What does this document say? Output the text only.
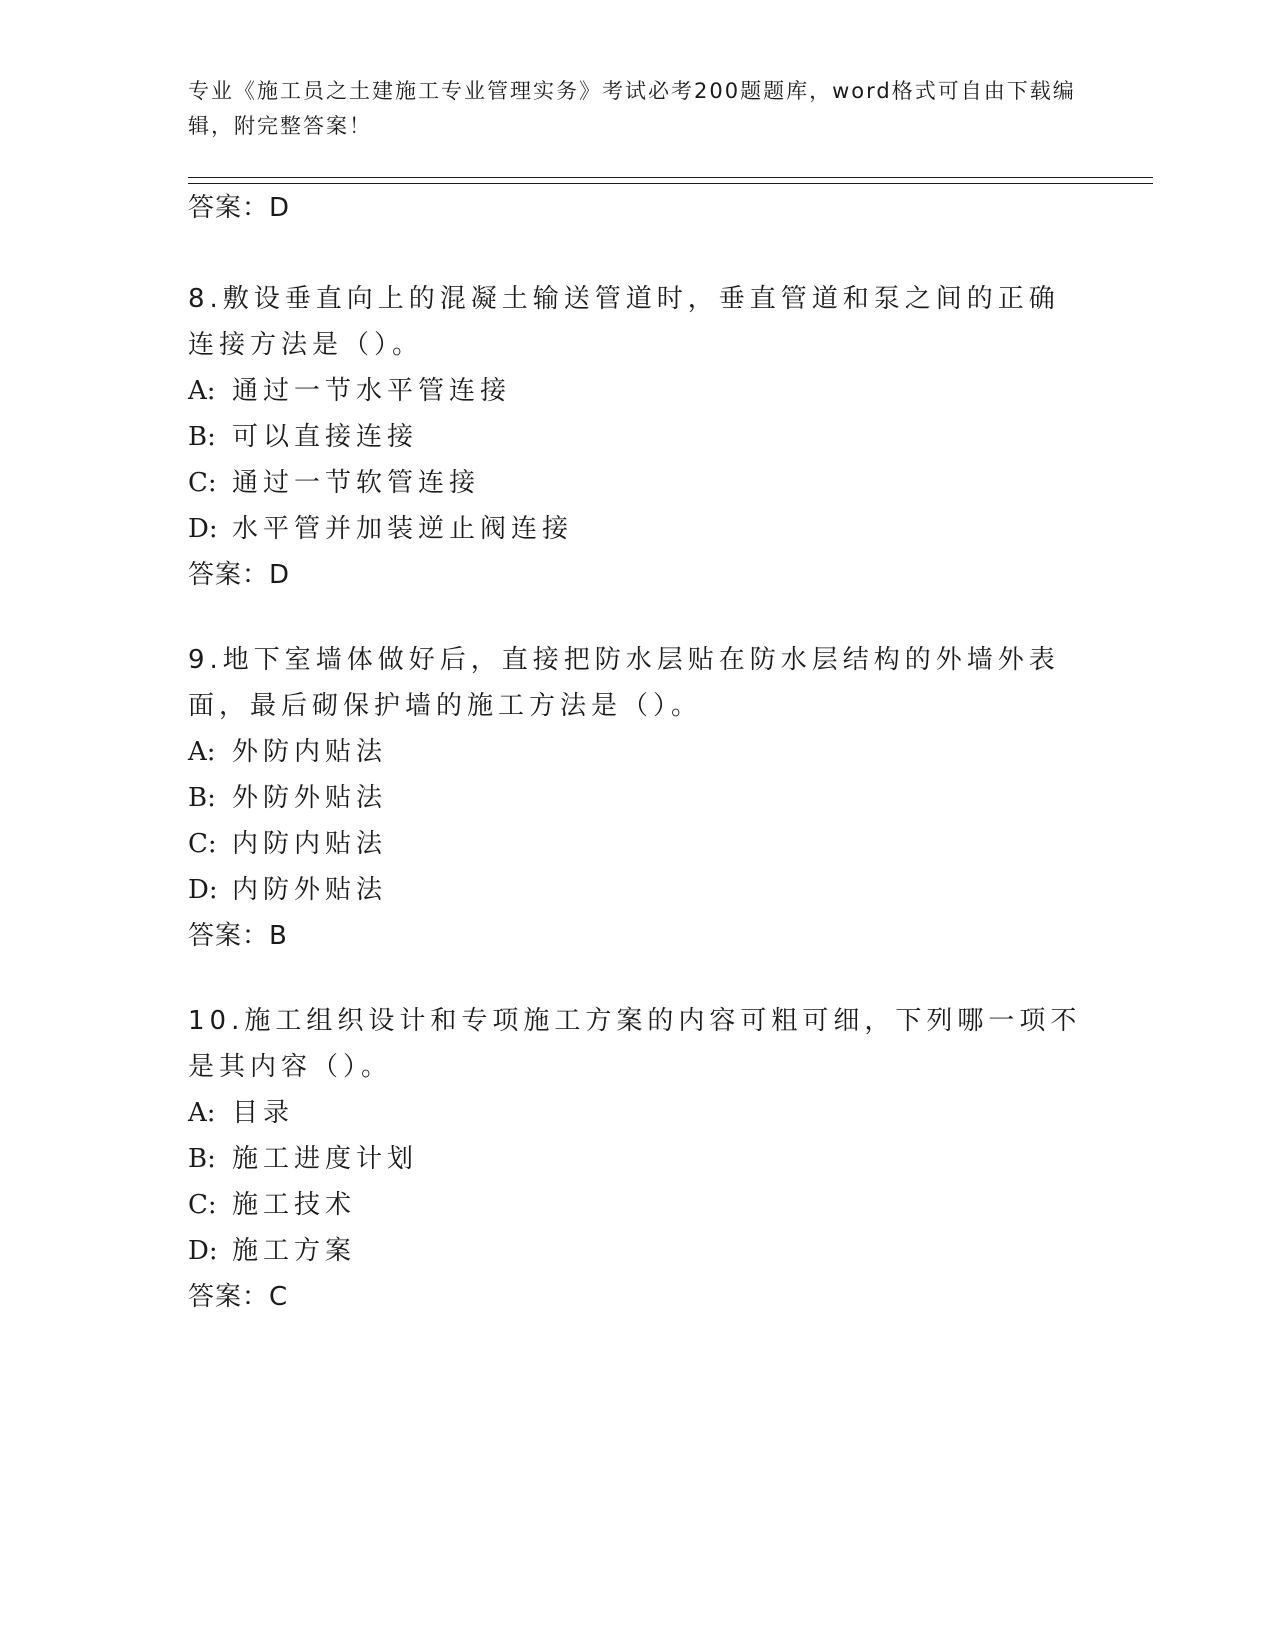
专业《施工员之土建施工专业管理实务》考试必考200题题库，word格式可自由下载编辑，附完整答案！
答案：D
8.敷设垂直向上的混凝土输送管道时，垂直管道和泵之间的正确连接方法是（）。
A: 通过一节水平管连接
B: 可以直接连接
C: 通过一节软管连接
D: 水平管并加装逆止阀连接
答案：D
9.地下室墙体做好后，直接把防水层贴在防水层结构的外墙外表面，最后砌保护墙的施工方法是（）。
A: 外防内贴法
B: 外防外贴法
C: 内防内贴法
D: 内防外贴法
答案：B
10.施工组织设计和专项施工方案的内容可粗可细，下列哪一项不是其内容（）。
A: 目录
B: 施工进度计划
C: 施工技术
D: 施工方案
答案：C
